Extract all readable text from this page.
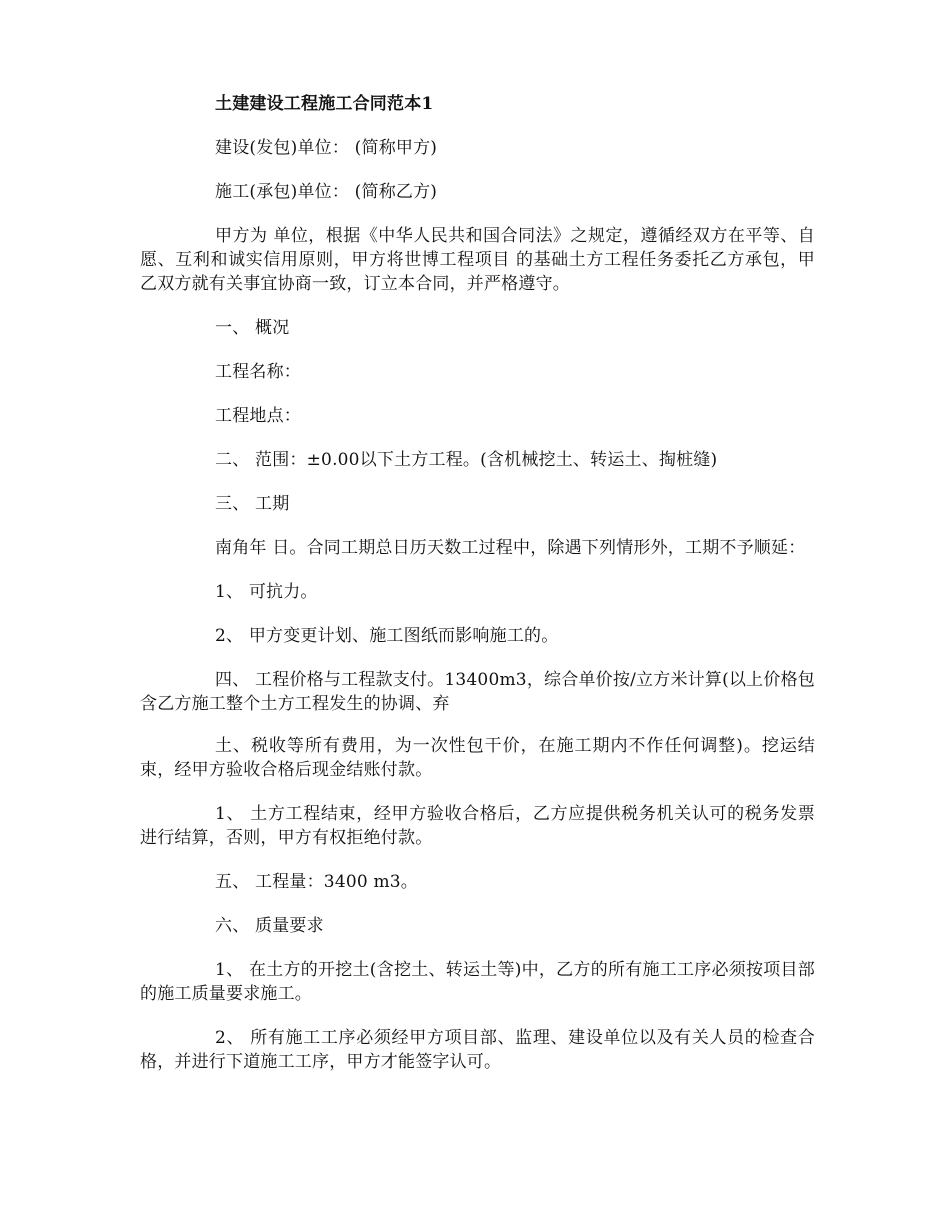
土建建设工程施工合同范本1

建设(发包)单位： (简称甲方)

施工(承包)单位： (简称乙方)

甲方为 单位，根据《中华人民共和国合同法》之规定，遵循经双方在平等、自愿、互利和诚实信用原则，甲方将世博工程项目 的基础土方工程任务委托乙方承包，甲乙双方就有关事宜协商一致，订立本合同，并严格遵守。

一、 概况

工程名称：

工程地点：

二、 范围：±0.00以下土方工程。(含机械挖土、转运土、掏桩缝)

三、 工期

南角年 日。合同工期总日历天数工过程中，除遇下列情形外，工期不予顺延：

1、 可抗力。

2、 甲方变更计划、施工图纸而影响施工的。

四、 工程价格与工程款支付。13400m3，综合单价按/立方米计算(以上价格包含乙方施工整个土方工程发生的协调、弃

土、税收等所有费用，为一次性包干价，在施工期内不作任何调整)。挖运结束，经甲方验收合格后现金结账付款。

1、 土方工程结束，经甲方验收合格后，乙方应提供税务机关认可的税务发票进行结算，否则，甲方有权拒绝付款。

五、 工程量：3400 m3。

六、 质量要求

1、 在土方的开挖土(含挖土、转运土等)中，乙方的所有施工工序必须按项目部的施工质量要求施工。

2、 所有施工工序必须经甲方项目部、监理、建设单位以及有关人员的检查合格，并进行下道施工工序，甲方才能签字认可。
